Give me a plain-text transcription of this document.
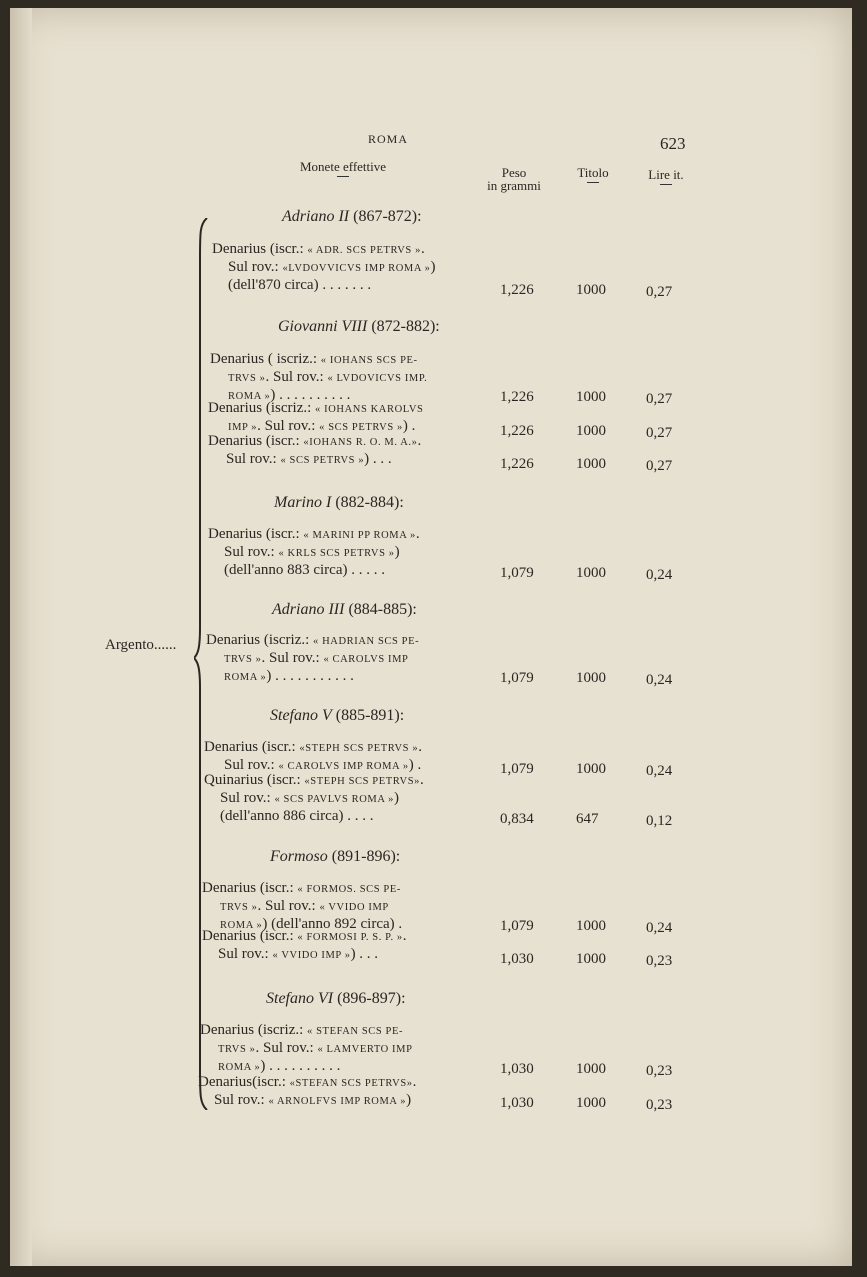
ROMA	623
Monete effettive	Peso
in grammi
Titolo	Lire it.
Argento......
Adriano II (867-872):
Denarius (iscr.: « ADR. SCS PETRVS ».
Sul rov.: «LVDOVVICVS IMP ROMA »)
(dell'870 circa) . . . . . . .	1,226	1000	0,27
Giovanni VIII (872-882):
Denarius ( iscriz.: « IOHANS SCS PE-
TRVS ». Sul rov.: « LVDOVICVS IMP.
ROMA ») . . . . . . . . . .	1,226	1000	0,27
Denarius (iscriz.: « IOHANS KAROLVS
IMP ». Sul rov.: « SCS PETRVS ») .	1,226	1000	0,27
Denarius (iscr.: «IOHANS R. O. M. A.».
Sul rov.: « SCS PETRVS ») . . .	1,226	1000	0,27
Marino I (882-884):
Denarius (iscr.: « MARINI PP ROMA ».
Sul rov.: « KRLS SCS PETRVS »)
(dell'anno 883 circa) . . . . .	1,079	1000	0,24
Adriano III (884-885):
Denarius (iscriz.: « HADRIAN SCS PE-
TRVS ». Sul rov.: « CAROLVS IMP
ROMA ») . . . . . . . . . . .	1,079	1000	0,24
Stefano V (885-891):
Denarius (iscr.: «STEPH SCS PETRVS ».
Sul rov.: « CAROLVS IMP ROMA ») .	1,079	1000	0,24
Quinarius (iscr.: «STEPH SCS PETRVS».
Sul rov.: « SCS PAVLVS ROMA »)
(dell'anno 886 circa) . . . .	0,834	647	0,12
Formoso (891-896):
Denarius (iscr.: « FORMOS. SCS PE-
TRVS ». Sul rov.: « VVIDO IMP
ROMA ») (dell'anno 892 circa) .	1,079	1000	0,24
Denarius (iscr.: « FORMOSI P. S. P. ».
Sul rov.: « VVIDO IMP ») . . .	1,030	1000	0,23
Stefano VI (896-897):
Denarius (iscriz.: « STEFAN SCS PE-
TRVS ». Sul rov.: « LAMVERTO IMP
ROMA ») . . . . . . . . . .	1,030	1000	0,23
Denarius(iscr.: «STEFAN SCS PETRVS».
Sul rov.: « ARNOLFVS IMP ROMA »)	1,030	1000	0,23
